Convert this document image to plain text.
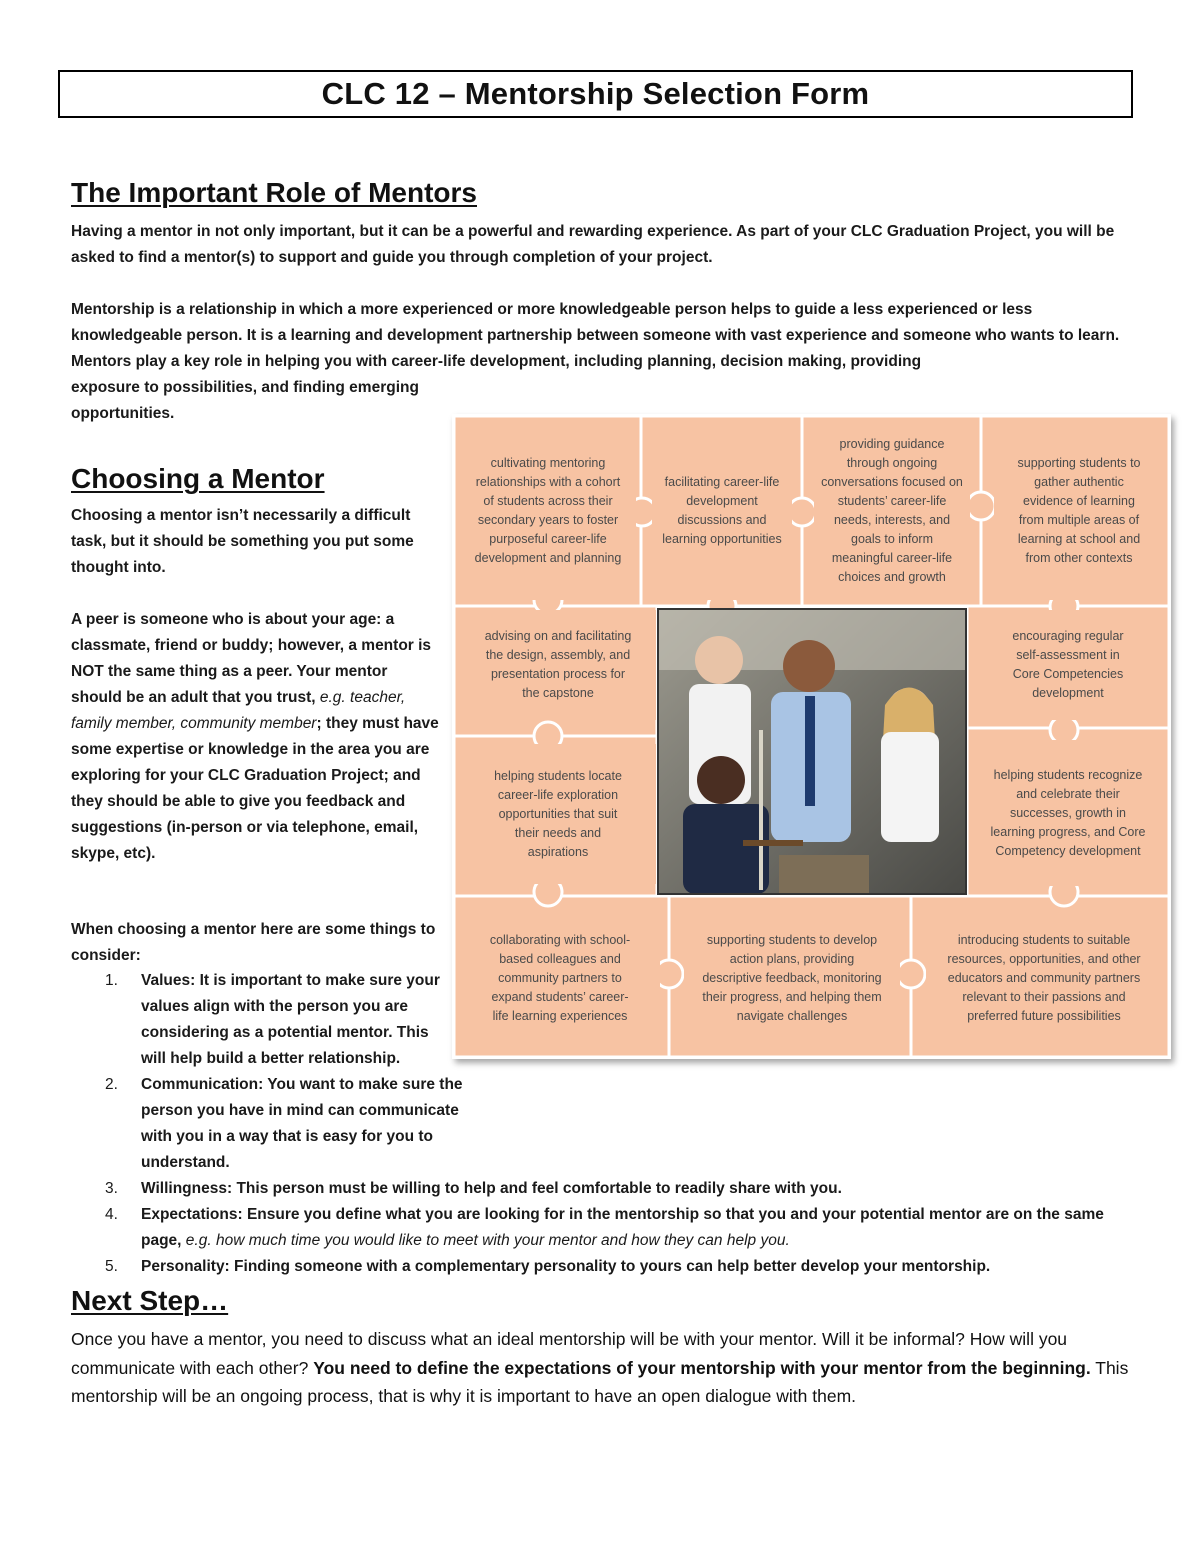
CLC 12 – Mentorship Selection Form
The Important Role of Mentors

Having a mentor in not only important, but it can be a powerful and rewarding experience. As part of your CLC Graduation Project, you will be asked to find a mentor(s) to support and guide you through completion of your project.

Mentorship is a relationship in which a more experienced or more knowledgeable person helps to guide a less experienced or less knowledgeable person. It is a learning and development partnership between someone with vast experience and someone who wants to learn. Mentors play a key role in helping you with career-life development, including planning, decision making, providing

exposure to possibilities, and finding emerging

opportunities.

Choosing a Mentor

Choosing a mentor isn’t necessarily a difficult task, but it should be something you put some thought into.

A peer is someone who is about your age: a classmate, friend or buddy; however, a mentor is NOT the same thing as a peer. Your mentor should be an adult that you trust, e.g. teacher, family member, community member; they must have some expertise or knowledge in the area you are exploring for your CLC Graduation Project; and they should be able to give you feedback and suggestions (in-person or via telephone, email, skype, etc).

When choosing a mentor here are some things to consider:

1. Values: It is important to make sure your values align with the person you are considering as a potential mentor. This will help build a better relationship.
2. Communication: You want to make sure the person you have in mind can communicate with you in a way that is easy for you to understand.
3. Willingness: This person must be willing to help and feel comfortable to readily share with you.
4. Expectations: Ensure you define what you are looking for in the mentorship so that you and your potential mentor are on the same page, e.g. how much time you would like to meet with your mentor and how they can help you.
5. Personality: Finding someone with a complementary personality to yours can help better develop your mentorship.
cultivating mentoring relationships with a cohort of students across their secondary years to foster purposeful career-life development and planning
facilitating career-life development discussions and learning opportunities
providing guidance through ongoing conversations focused on students’ career-life needs, interests, and goals to inform meaningful career-life choices and growth
supporting students to gather authentic evidence of learning from multiple areas of learning at school and from other contexts
advising on and facilitating the design, assembly, and presentation process for the capstone
encouraging regular self-assessment in Core Competencies development
helping students locate career-life exploration opportunities that suit their needs and aspirations
helping students recognize and celebrate their successes, growth in learning progress, and Core Competency development
collaborating with school-based colleagues and community partners to expand students’ career-life learning experiences
supporting students to develop action plans, providing descriptive feedback, monitoring their progress, and helping them navigate challenges
introducing students to suitable resources, opportunities, and other educators and community partners relevant to their passions and preferred future possibilities
Next Step…

Once you have a mentor, you need to discuss what an ideal mentorship will be with your mentor. Will it be informal? How will you communicate with each other? You need to define the expectations of your mentorship with your mentor from the beginning. This mentorship will be an ongoing process, that is why it is important to have an open dialogue with them.
